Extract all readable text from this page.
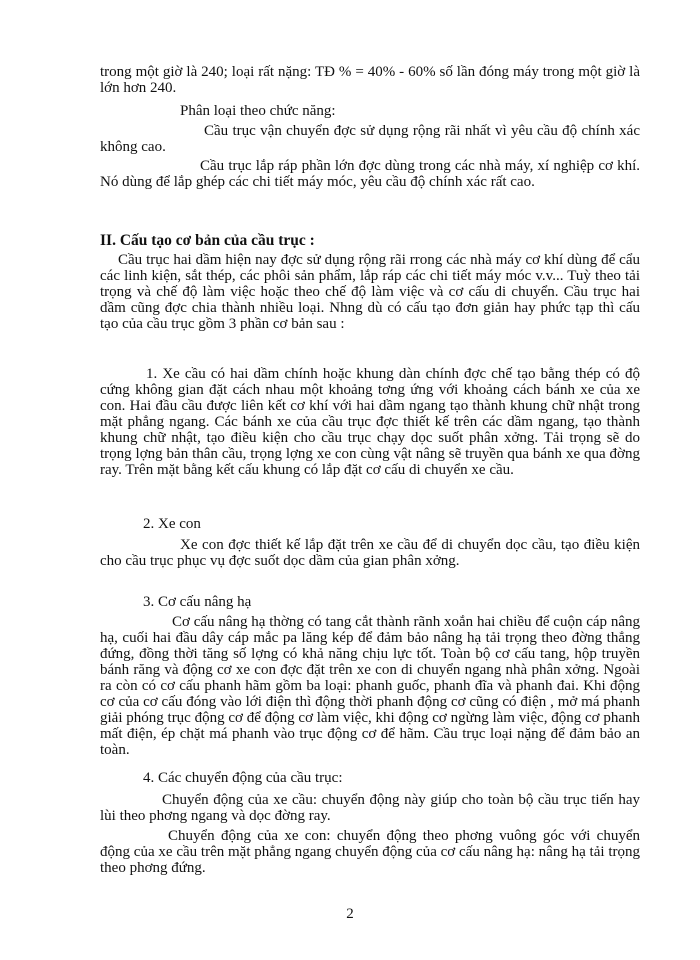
trong một giờ là 240; loại rất nặng: TĐ % = 40% - 60% số lần đóng máy trong một giờ là lớn hơn 240.

Phân loại theo chức năng:

Cầu trục vận chuyển đợc sử dụng rộng rãi nhất vì yêu cầu độ chính xác không cao.

Cầu trục lắp ráp phần lớn đợc dùng trong các nhà máy, xí nghiệp cơ khí. Nó dùng để lắp ghép các chi tiết máy móc, yêu cầu độ chính xác rất cao.

II. Cấu tạo cơ bản của cầu trục :

Cầu trục hai dầm hiện nay đợc sử dụng rộng rãi rrong các nhà máy cơ khí dùng để cẩu các linh kiện, sắt thép, các phôi sản phẩm, lắp ráp các chi tiết máy móc v.v... Tuỳ theo tải trọng và chế độ làm việc hoặc theo chế độ làm việc và cơ cấu di chuyển. Cầu trục hai dầm cũng đợc chia thành nhiều loại. Nhng dù có cấu tạo đơn giản hay phức tạp thì cấu tạo của cầu trục gồm 3 phần cơ bản sau :

1. Xe cầu có hai dầm chính hoặc khung dàn chính đợc chế tạo bằng thép có độ cứng không gian đặt cách nhau một khoảng tơng ứng với khoảng cách bánh xe của xe con. Hai đầu cầu được liên kết cơ khí với hai dầm ngang tạo thành khung chữ nhật trong mặt phẳng ngang. Các bánh xe của cầu trục đợc thiết kế trên các dầm ngang, tạo thành khung chữ nhật, tạo điều kiện cho cầu trục chạy dọc suốt phân xởng. Tải trọng sẽ do trọng lợng bản thân cầu, trọng lợng xe con cùng vật nâng sẽ truyền qua bánh xe qua đờng ray. Trên mặt bằng kết cấu khung có lắp đặt cơ cấu di chuyển xe cầu.

2. Xe con

Xe con đợc thiết kế lắp đặt trên xe cầu để di chuyển dọc cầu, tạo điều kiện cho cầu trục phục vụ đợc suốt dọc dầm của gian phân xởng.

3. Cơ cấu nâng hạ

Cơ cấu nâng hạ thờng có tang cắt thành rãnh xoắn hai chiều để cuộn cáp nâng hạ, cuối hai đầu dây cáp mắc pa lăng kép để đảm bảo nâng hạ tải trọng theo đờng thẳng đứng, đồng thời tăng số lợng có khả năng chịu lực tốt. Toàn bộ cơ cấu tang, hộp truyền bánh răng và động cơ xe con đợc đặt trên xe con di chuyển ngang nhà phân xởng. Ngoài ra còn có cơ cấu phanh hãm gồm ba loại: phanh guốc, phanh đĩa và phanh đai. Khi động cơ của cơ cấu đóng vào lới điện thì động thời phanh động cơ cũng có điện , mở má phanh giải phóng trục động cơ để động cơ làm việc, khi động cơ ngừng làm việc, động cơ phanh mất điện, ép chặt má phanh vào trục động cơ để hãm. Cầu trục loại nặng để đảm bảo an toàn.

4. Các chuyển động của cầu trục:

Chuyển động của xe cầu: chuyển động này giúp cho toàn bộ cầu trục tiến hay lùi theo phơng ngang và dọc đờng ray.

Chuyển động của xe con: chuyển động theo phơng vuông góc với chuyển động của xe cầu trên mặt phẳng ngang chuyển động của cơ cấu nâng hạ: nâng hạ tải trọng theo phơng đứng.

2
